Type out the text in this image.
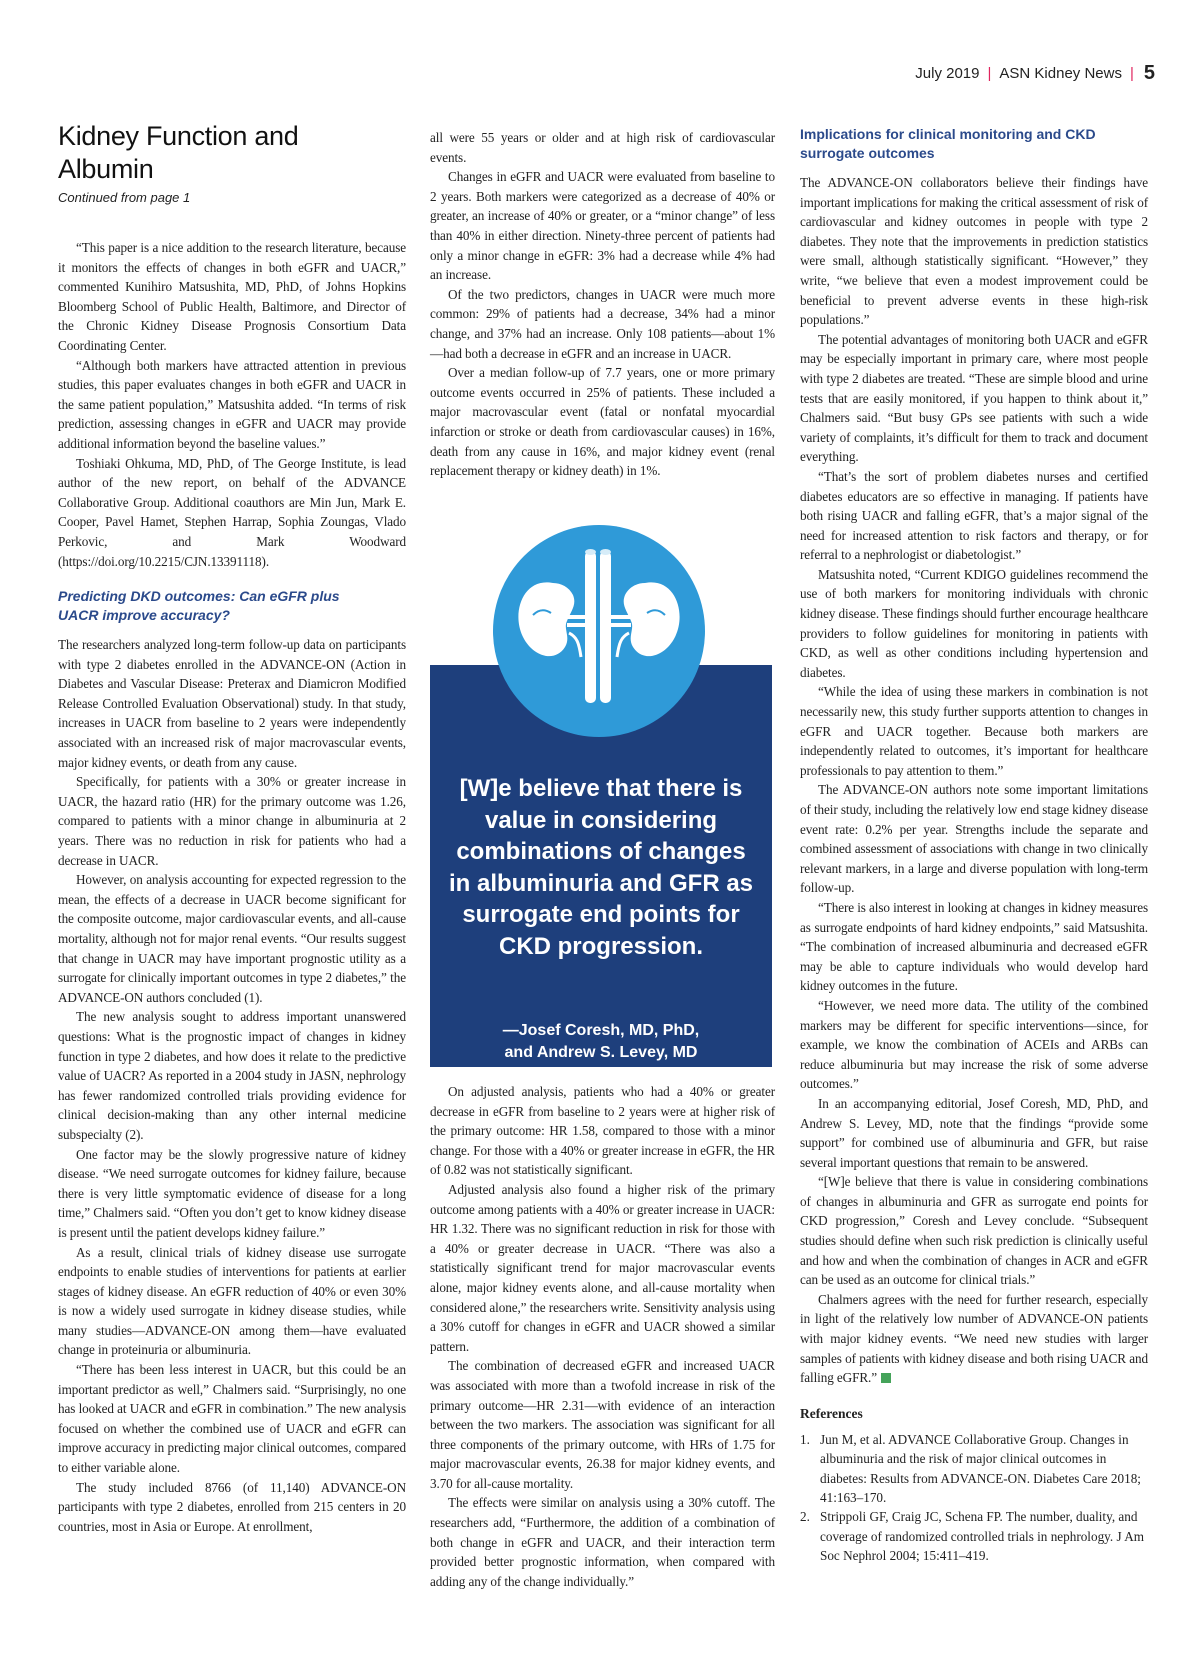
July 2019 | ASN Kidney News | 5
Kidney Function and Albumin
Continued from page 1

“This paper is a nice addition to the research literature, because it monitors the effects of changes in both eGFR and UACR,” commented Kunihiro Matsushita, MD, PhD, of Johns Hopkins Bloomberg School of Public Health, Baltimore, and Director of the Chronic Kidney Disease Prognosis Consortium Data Coordinating Center.

“Although both markers have attracted attention in previous studies, this paper evaluates changes in both eGFR and UACR in the same patient population,” Matsushita added. “In terms of risk prediction, assessing changes in eGFR and UACR may provide additional information beyond the baseline values.”

Toshiaki Ohkuma, MD, PhD, of The George Institute, is lead author of the new report, on behalf of the ADVANCE Collaborative Group. Additional coauthors are Min Jun, Mark E. Cooper, Pavel Hamet, Stephen Harrap, Sophia Zoungas, Vlado Perkovic, and Mark Woodward (https://doi.org/10.2215/CJN.13391118).

Predicting DKD outcomes: Can eGFR plus UACR improve accuracy?

The researchers analyzed long-term follow-up data on participants with type 2 diabetes enrolled in the ADVANCE-ON (Action in Diabetes and Vascular Disease: Preterax and Diamicron Modified Release Controlled Evaluation Observational) study. In that study, increases in UACR from baseline to 2 years were independently associated with an increased risk of major macrovascular events, major kidney events, or death from any cause.

Specifically, for patients with a 30% or greater increase in UACR, the hazard ratio (HR) for the primary outcome was 1.26, compared to patients with a minor change in albuminuria at 2 years. There was no reduction in risk for patients who had a decrease in UACR.

However, on analysis accounting for expected regression to the mean, the effects of a decrease in UACR become significant for the composite outcome, major cardiovascular events, and all-cause mortality, although not for major renal events. “Our results suggest that change in UACR may have important prognostic utility as a surrogate for clinically important outcomes in type 2 diabetes,” the ADVANCE-ON authors concluded (1).

The new analysis sought to address important unanswered questions: What is the prognostic impact of changes in kidney function in type 2 diabetes, and how does it relate to the predictive value of UACR? As reported in a 2004 study in JASN, nephrology has fewer randomized controlled trials providing evidence for clinical decision-making than any other internal medicine subspecialty (2).

One factor may be the slowly progressive nature of kidney disease. “We need surrogate outcomes for kidney failure, because there is very little symptomatic evidence of disease for a long time,” Chalmers said. “Often you don’t get to know kidney disease is present until the patient develops kidney failure.”

As a result, clinical trials of kidney disease use surrogate endpoints to enable studies of interventions for patients at earlier stages of kidney disease. An eGFR reduction of 40% or even 30% is now a widely used surrogate in kidney disease studies, while many studies—ADVANCE-ON among them—have evaluated change in proteinuria or albuminuria.

“There has been less interest in UACR, but this could be an important predictor as well,” Chalmers said. “Surprisingly, no one has looked at UACR and eGFR in combination.” The new analysis focused on whether the combined use of UACR and eGFR can improve accuracy in predicting major clinical outcomes, compared to either variable alone.

The study included 8766 (of 11,140) ADVANCE-ON participants with type 2 diabetes, enrolled from 215 centers in 20 countries, most in Asia or Europe. At enrollment,

all were 55 years or older and at high risk of cardiovascular events.

Changes in eGFR and UACR were evaluated from baseline to 2 years. Both markers were categorized as a decrease of 40% or greater, an increase of 40% or greater, or a “minor change” of less than 40% in either direction. Ninety-three percent of patients had only a minor change in eGFR: 3% had a decrease while 4% had an increase.

Of the two predictors, changes in UACR were much more common: 29% of patients had a decrease, 34% had a minor change, and 37% had an increase. Only 108 patients—about 1%—had both a decrease in eGFR and an increase in UACR.

Over a median follow-up of 7.7 years, one or more primary outcome events occurred in 25% of patients. These included a major macrovascular event (fatal or nonfatal myocardial infarction or stroke or death from cardiovascular causes) in 16%, death from any cause in 16%, and major kidney event (renal replacement therapy or kidney death) in 1%.

[W]e believe that there is value in considering combinations of changes in albuminuria and GFR as surrogate end points for CKD progression.
—Josef Coresh, MD, PhD,
and Andrew S. Levey, MD

On adjusted analysis, patients who had a 40% or greater decrease in eGFR from baseline to 2 years were at higher risk of the primary outcome: HR 1.58, compared to those with a minor change. For those with a 40% or greater increase in eGFR, the HR of 0.82 was not statistically significant.

Adjusted analysis also found a higher risk of the primary outcome among patients with a 40% or greater increase in UACR: HR 1.32. There was no significant reduction in risk for those with a 40% or greater decrease in UACR. “There was also a statistically significant trend for major macrovascular events alone, major kidney events alone, and all-cause mortality when considered alone,” the researchers write. Sensitivity analysis using a 30% cutoff for changes in eGFR and UACR showed a similar pattern.

The combination of decreased eGFR and increased UACR was associated with more than a twofold increase in risk of the primary outcome—HR 2.31—with evidence of an interaction between the two markers. The association was significant for all three components of the primary outcome, with HRs of 1.75 for major macrovascular events, 26.38 for major kidney events, and 3.70 for all-cause mortality.

The effects were similar on analysis using a 30% cutoff. The researchers add, “Furthermore, the addition of a combination of both change in eGFR and UACR, and their interaction term provided better prognostic information, when compared with adding any of the change individually.”

Implications for clinical monitoring and CKD surrogate outcomes

The ADVANCE-ON collaborators believe their findings have important implications for making the critical assessment of risk of cardiovascular and kidney outcomes in people with type 2 diabetes. They note that the improvements in prediction statistics were small, although statistically significant. “However,” they write, “we believe that even a modest improvement could be beneficial to prevent adverse events in these high-risk populations.”

The potential advantages of monitoring both UACR and eGFR may be especially important in primary care, where most people with type 2 diabetes are treated. “These are simple blood and urine tests that are easily monitored, if you happen to think about it,” Chalmers said. “But busy GPs see patients with such a wide variety of complaints, it’s difficult for them to track and document everything.

“That’s the sort of problem diabetes nurses and certified diabetes educators are so effective in managing. If patients have both rising UACR and falling eGFR, that’s a major signal of the need for increased attention to risk factors and therapy, or for referral to a nephrologist or diabetologist.”

Matsushita noted, “Current KDIGO guidelines recommend the use of both markers for monitoring individuals with chronic kidney disease. These findings should further encourage healthcare providers to follow guidelines for monitoring in patients with CKD, as well as other conditions including hypertension and diabetes.

“While the idea of using these markers in combination is not necessarily new, this study further supports attention to changes in eGFR and UACR together. Because both markers are independently related to outcomes, it’s important for healthcare professionals to pay attention to them.”

The ADVANCE-ON authors note some important limitations of their study, including the relatively low end stage kidney disease event rate: 0.2% per year. Strengths include the separate and combined assessment of associations with change in two clinically relevant markers, in a large and diverse population with long-term follow-up.

“There is also interest in looking at changes in kidney measures as surrogate endpoints of hard kidney endpoints,” said Matsushita. “The combination of increased albuminuria and decreased eGFR may be able to capture individuals who would develop hard kidney outcomes in the future.

“However, we need more data. The utility of the combined markers may be different for specific interventions—since, for example, we know the combination of ACEIs and ARBs can reduce albuminuria but may increase the risk of some adverse outcomes.”

In an accompanying editorial, Josef Coresh, MD, PhD, and Andrew S. Levey, MD, note that the findings “provide some support” for combined use of albuminuria and GFR, but raise several important questions that remain to be answered.

“[W]e believe that there is value in considering combinations of changes in albuminuria and GFR as surrogate end points for CKD progression,” Coresh and Levey conclude. “Subsequent studies should define when such risk prediction is clinically useful and how and when the combination of changes in ACR and eGFR can be used as an outcome for clinical trials.”

Chalmers agrees with the need for further research, especially in light of the relatively low number of ADVANCE-ON patients with major kidney events. “We need new studies with larger samples of patients with kidney disease and both rising UACR and falling eGFR.”

References
1. Jun M, et al. ADVANCE Collaborative Group. Changes in albuminuria and the risk of major clinical outcomes in diabetes: Results from ADVANCE-ON. Diabetes Care 2018; 41:163–170.
2. Strippoli GF, Craig JC, Schena FP. The number, duality, and coverage of randomized controlled trials in nephrology. J Am Soc Nephrol 2004; 15:411–419.
